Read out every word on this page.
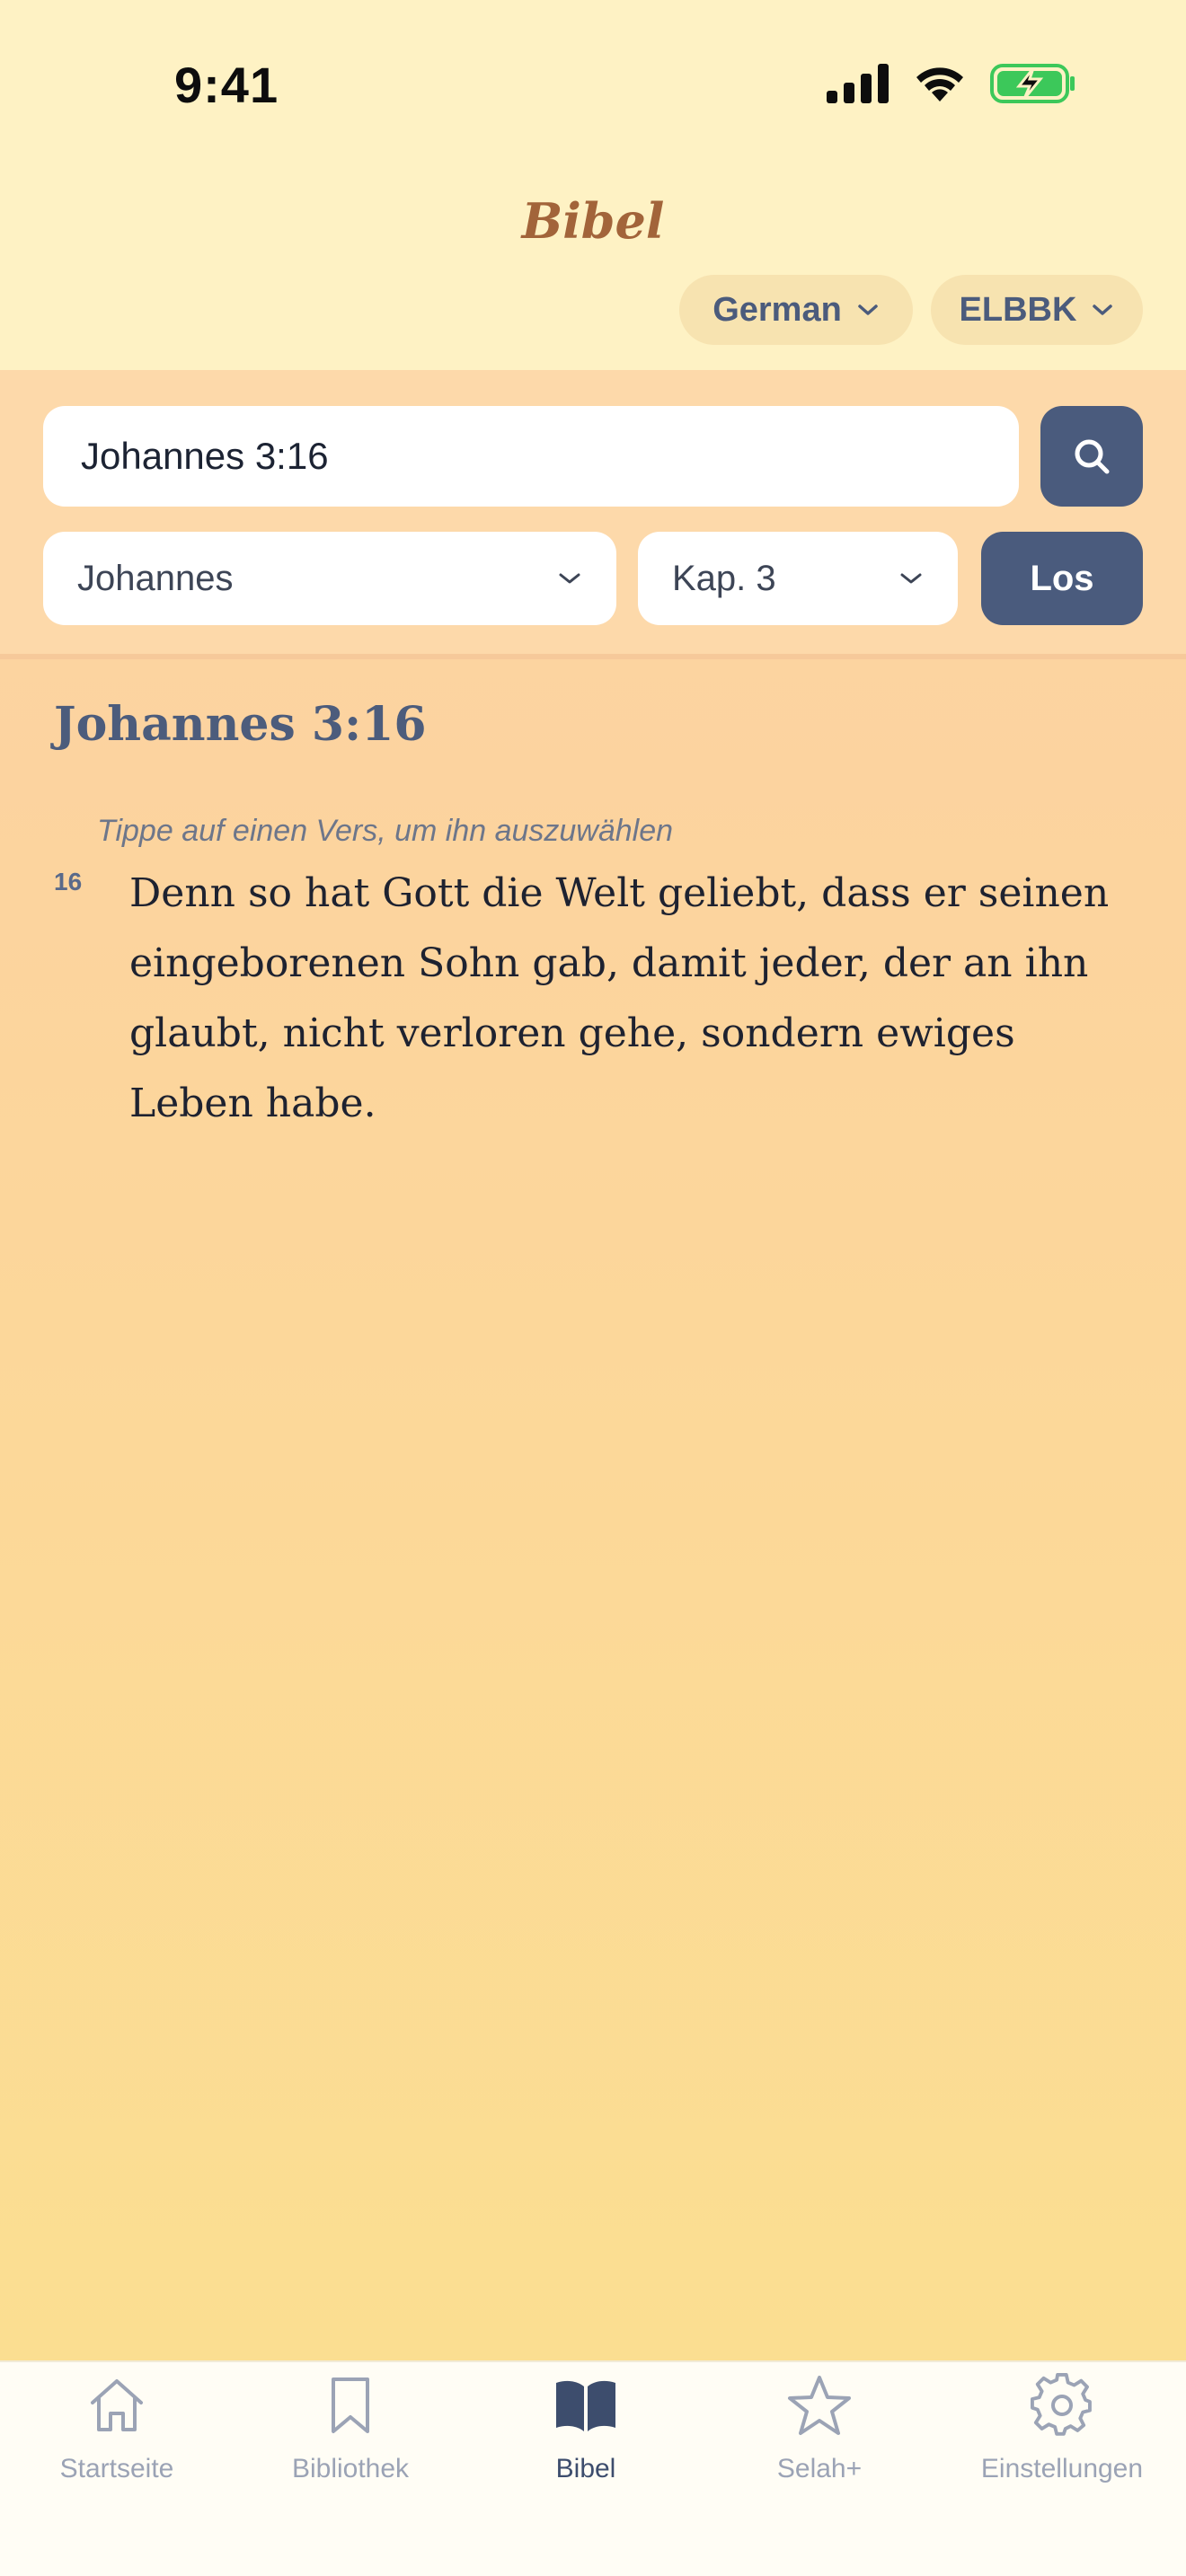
9:41
Bibel
German	ELBBK
Johannes 3:16
Johannes	Kap. 3	Los
Johannes 3:16
Tippe auf einen Vers, um ihn auszuwählen
16 Denn so hat Gott die Welt geliebt, dass er seinen eingeborenen Sohn gab, damit jeder, der an ihn glaubt, nicht verloren gehe, sondern ewiges Leben habe.
Startseite	Bibliothek	Bibel	Selah+	Einstellungen
